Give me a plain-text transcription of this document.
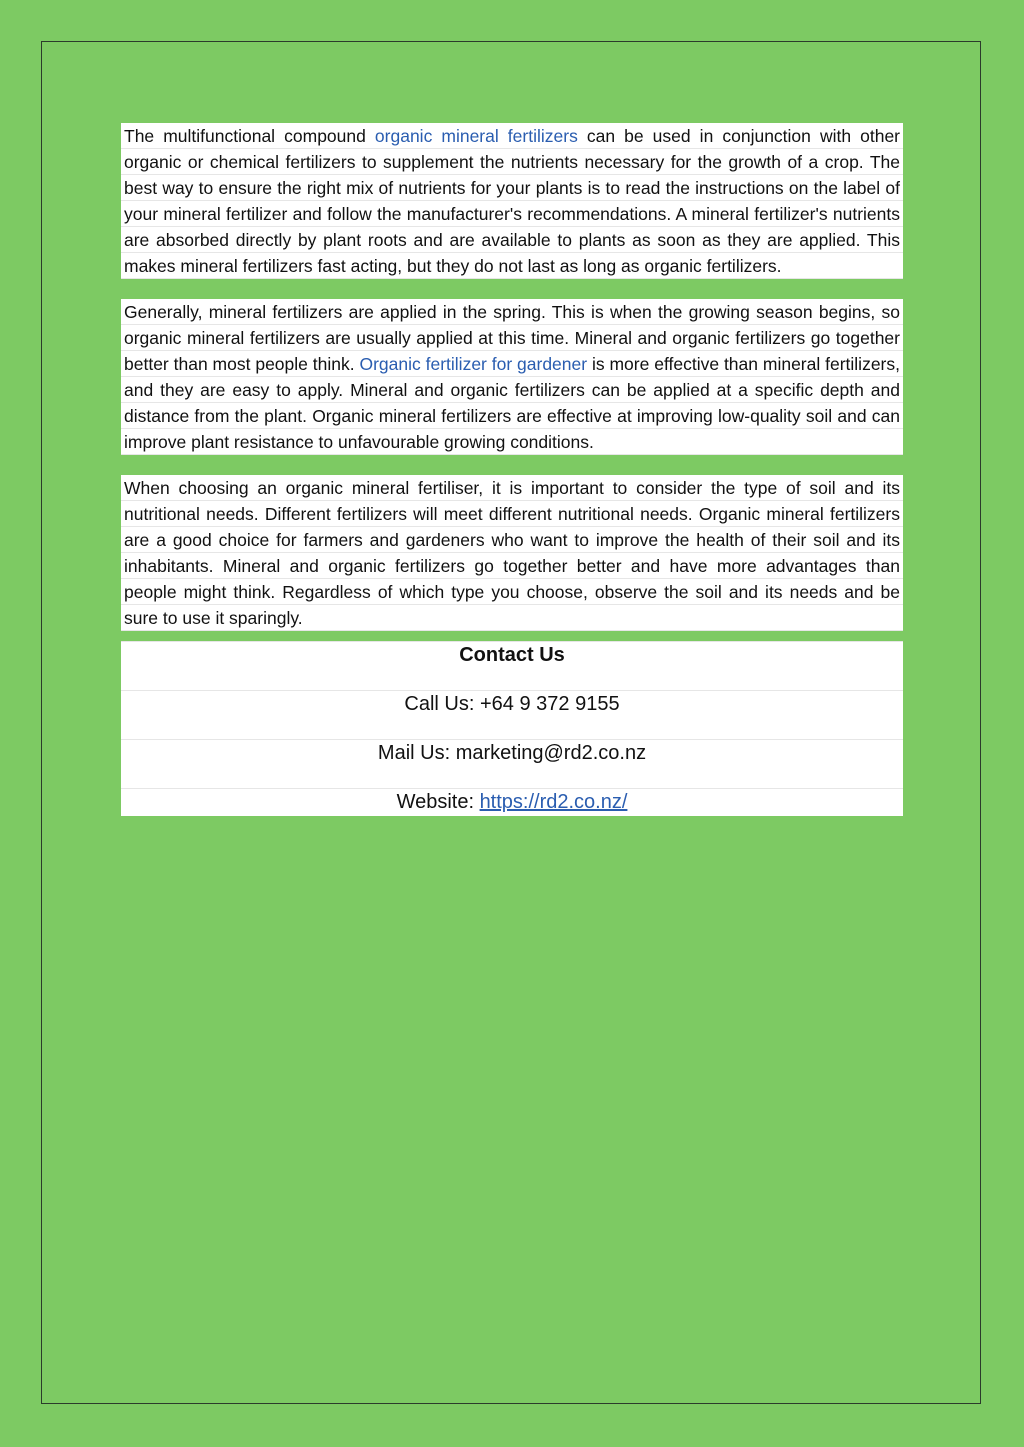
The multifunctional compound organic mineral fertilizers can be used in conjunction with other organic or chemical fertilizers to supplement the nutrients necessary for the growth of a crop. The best way to ensure the right mix of nutrients for your plants is to read the instructions on the label of your mineral fertilizer and follow the manufacturer's recommendations. A mineral fertilizer's nutrients are absorbed directly by plant roots and are available to plants as soon as they are applied. This makes mineral fertilizers fast acting, but they do not last as long as organic fertilizers.

Generally, mineral fertilizers are applied in the spring. This is when the growing season begins, so organic mineral fertilizers are usually applied at this time. Mineral and organic fertilizers go together better than most people think. Organic fertilizer for gardener is more effective than mineral fertilizers, and they are easy to apply. Mineral and organic fertilizers can be applied at a specific depth and distance from the plant. Organic mineral fertilizers are effective at improving low-quality soil and can improve plant resistance to unfavourable growing conditions.

When choosing an organic mineral fertiliser, it is important to consider the type of soil and its nutritional needs. Different fertilizers will meet different nutritional needs. Organic mineral fertilizers are a good choice for farmers and gardeners who want to improve the health of their soil and its inhabitants. Mineral and organic fertilizers go together better and have more advantages than people might think. Regardless of which type you choose, observe the soil and its needs and be sure to use it sparingly.

Contact Us
Call Us: +64 9 372 9155
Mail Us: marketing@rd2.co.nz
Website: https://rd2.co.nz/
